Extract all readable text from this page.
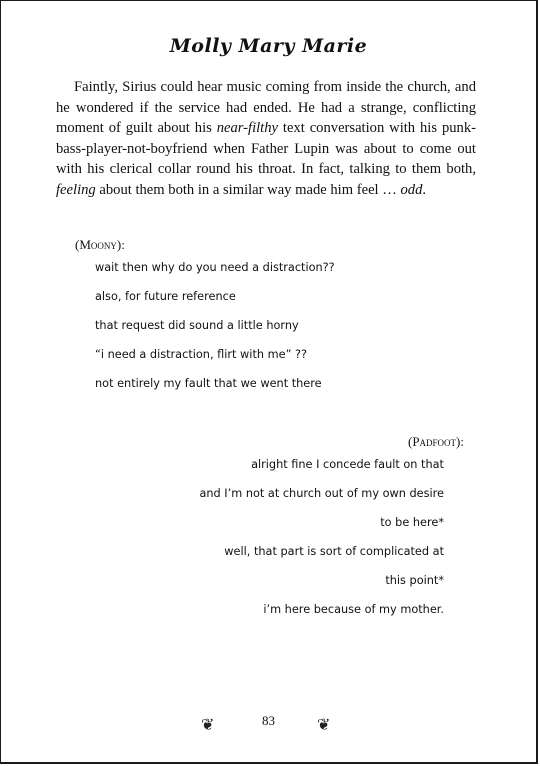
Molly Mary Marie

Faintly, Sirius could hear music coming from inside the church, and he wondered if the service had ended. He had a strange, conflicting moment of guilt about his near-filthy text conversation with his punk-bass-player-not-boyfriend when Father Lupin was about to come out with his clerical collar round his throat. In fact, talking to them both, feeling about them both in a similar way made him feel … odd.

(Moony):
wait then why do you need a distraction??
also, for future reference
that request did sound a little horny
“i need a distraction, flirt with me” ??
not entirely my fault that we went there
(Padfoot):
alright fine I concede fault on that
and I’m not at church out of my own desire
to be here*
well, that part is sort of complicated at
this point*
i’m here because of my mother.
❦	83	❦
